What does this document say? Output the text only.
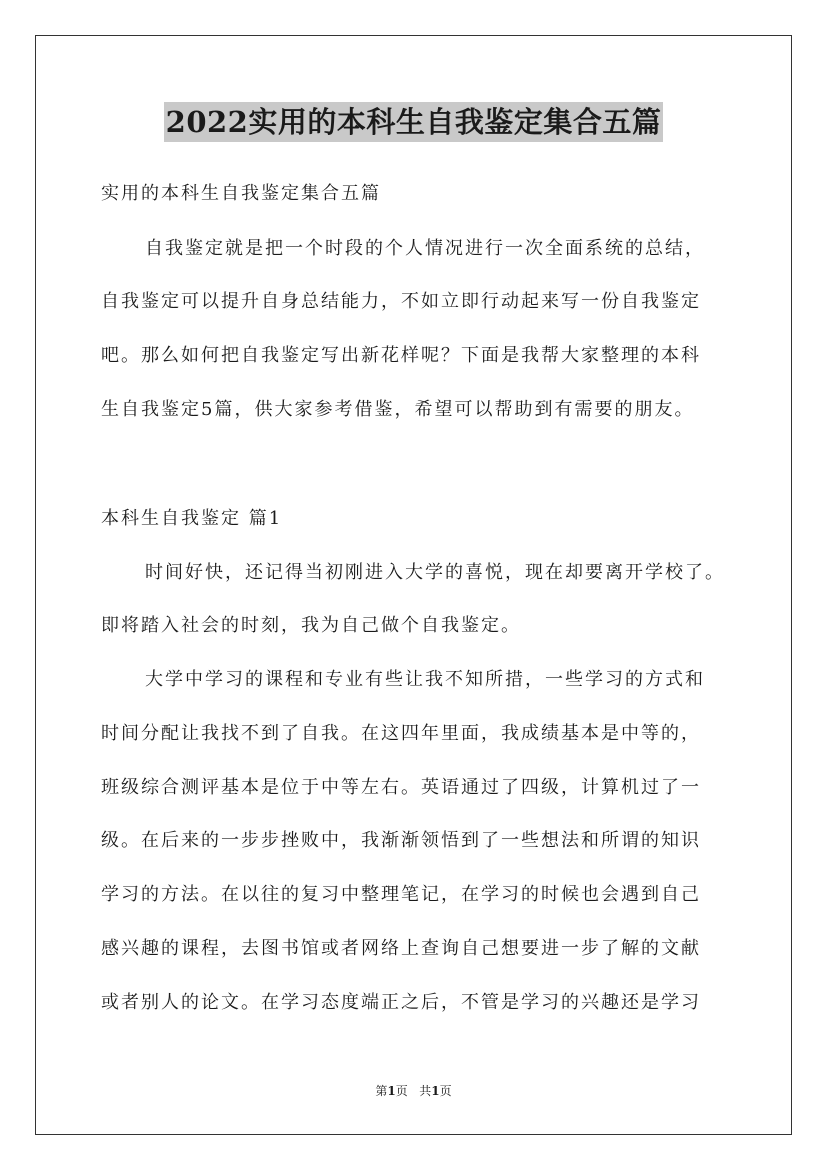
2022实用的本科生自我鉴定集合五篇
实用的本科生自我鉴定集合五篇
自我鉴定就是把一个时段的个人情况进行一次全面系统的总结，
自我鉴定可以提升自身总结能力，不如立即行动起来写一份自我鉴定
吧。那么如何把自我鉴定写出新花样呢？下面是我帮大家整理的本科
生自我鉴定5篇，供大家参考借鉴，希望可以帮助到有需要的朋友。
本科生自我鉴定 篇1
时间好快，还记得当初刚进入大学的喜悦，现在却要离开学校了。
即将踏入社会的时刻，我为自己做个自我鉴定。
大学中学习的课程和专业有些让我不知所措，一些学习的方式和
时间分配让我找不到了自我。在这四年里面，我成绩基本是中等的，
班级综合测评基本是位于中等左右。英语通过了四级，计算机过了一
级。在后来的一步步挫败中，我渐渐领悟到了一些想法和所谓的知识
学习的方法。在以往的复习中整理笔记，在学习的时候也会遇到自己
感兴趣的课程，去图书馆或者网络上查询自己想要进一步了解的文献
或者别人的论文。在学习态度端正之后，不管是学习的兴趣还是学习
第1页 共1页
